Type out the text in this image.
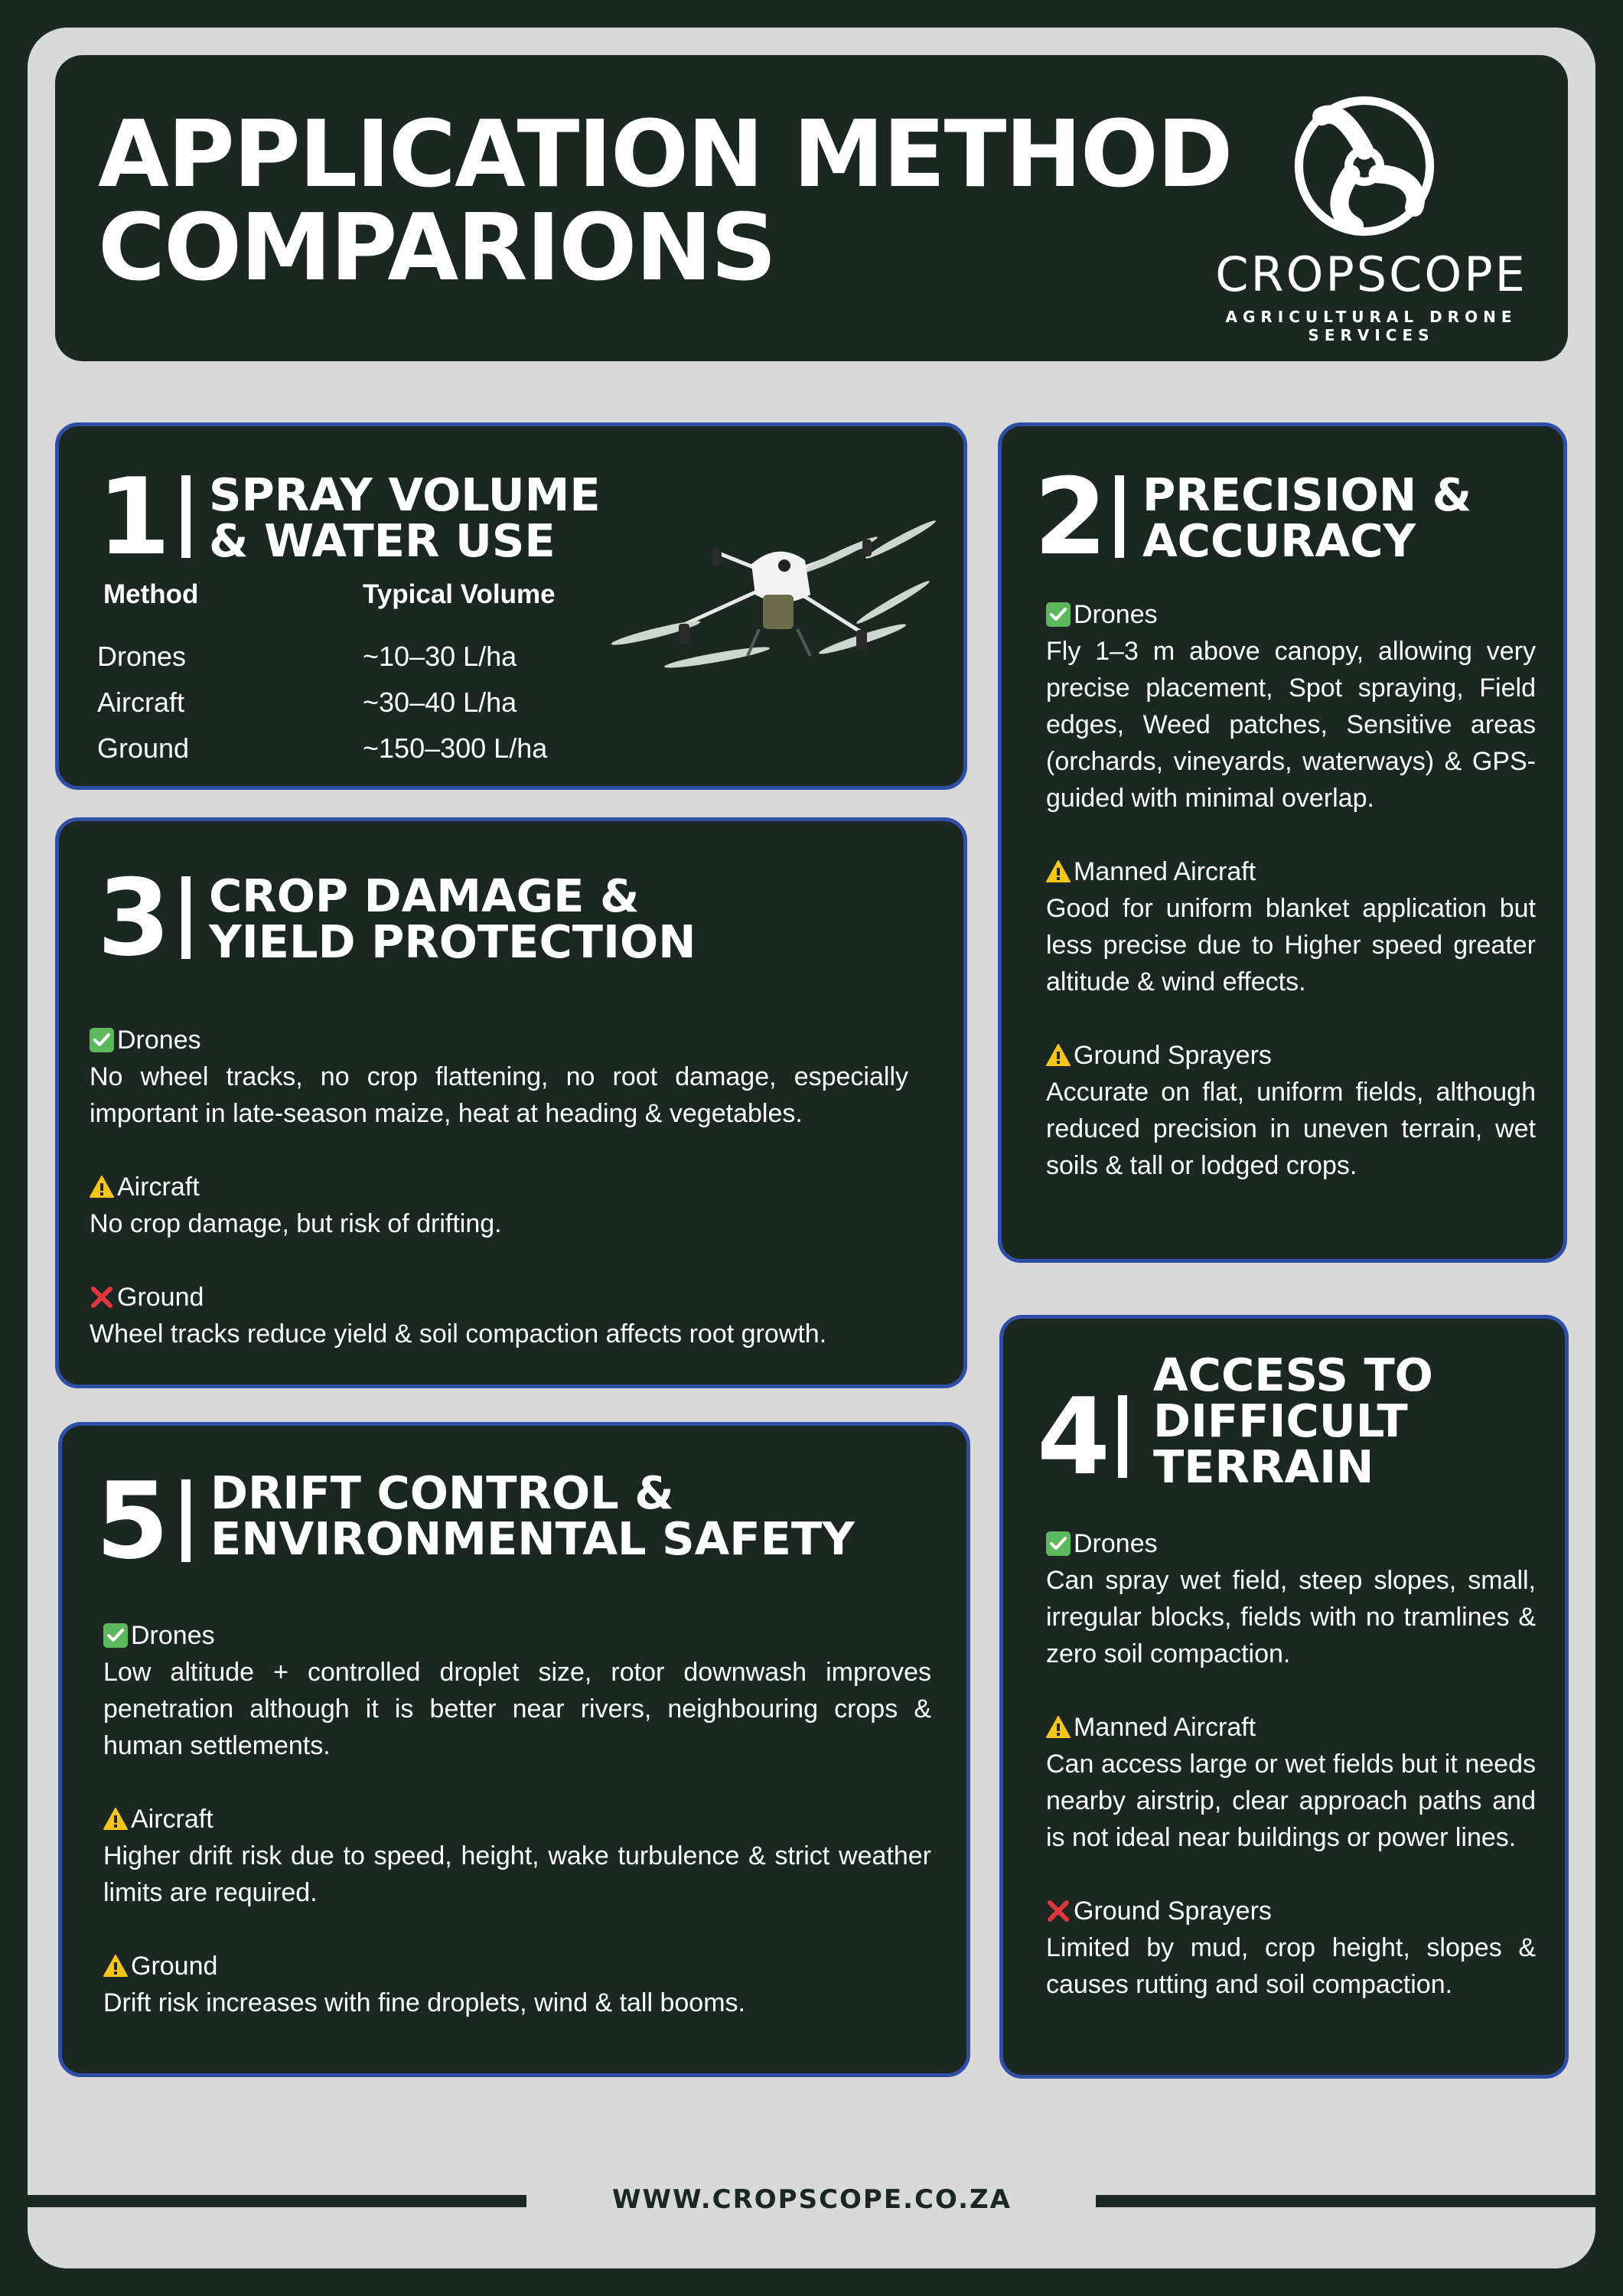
APPLICATION METHOD
COMPARIONS	CROPSCOPE
AGRICULTURAL DRONE SERVICES
1 SPRAY VOLUME
& WATER USE
Method	Typical Volume
Drones	~10–30 L/ha
Aircraft	~30–40 L/ha
Ground	~150–300 L/ha
2 PRECISION &
ACCURACY
Drones
Fly 1–3 m above canopy, allowing very precise placement, Spot spraying, Field edges, Weed patches, Sensitive areas (orchards, vineyards, waterways) & GPS-guided with minimal overlap.
Manned Aircraft
Good for uniform blanket application but less precise due to Higher speed greater altitude & wind effects.
Ground Sprayers
Accurate on flat, uniform fields, although reduced precision in uneven terrain, wet soils & tall or lodged crops.
3 CROP DAMAGE &
YIELD PROTECTION
Drones
No wheel tracks, no crop flattening, no root damage, especially important in late-season maize, heat at heading & vegetables.
Aircraft
No crop damage, but risk of drifting.
Ground
Wheel tracks reduce yield & soil compaction affects root growth.
4
ACCESS TO
DIFFICULT
TERRAIN
Drones
Can spray wet field, steep slopes, small, irregular blocks, fields with no tramlines & zero soil compaction.
Manned Aircraft
Can access large or wet fields but it needs nearby airstrip, clear approach paths and is not ideal near buildings or power lines.
Ground Sprayers
Limited by mud, crop height, slopes & causes rutting and soil compaction.
5 DRIFT CONTROL &
ENVIRONMENTAL SAFETY
Drones
Low altitude + controlled droplet size, rotor downwash improves penetration although it is better near rivers, neighbouring crops & human settlements.
Aircraft
Higher drift risk due to speed, height, wake turbulence & strict weather limits are required.
Ground
Drift risk increases with fine droplets, wind & tall booms.
WWW.CROPSCOPE.CO.ZA
